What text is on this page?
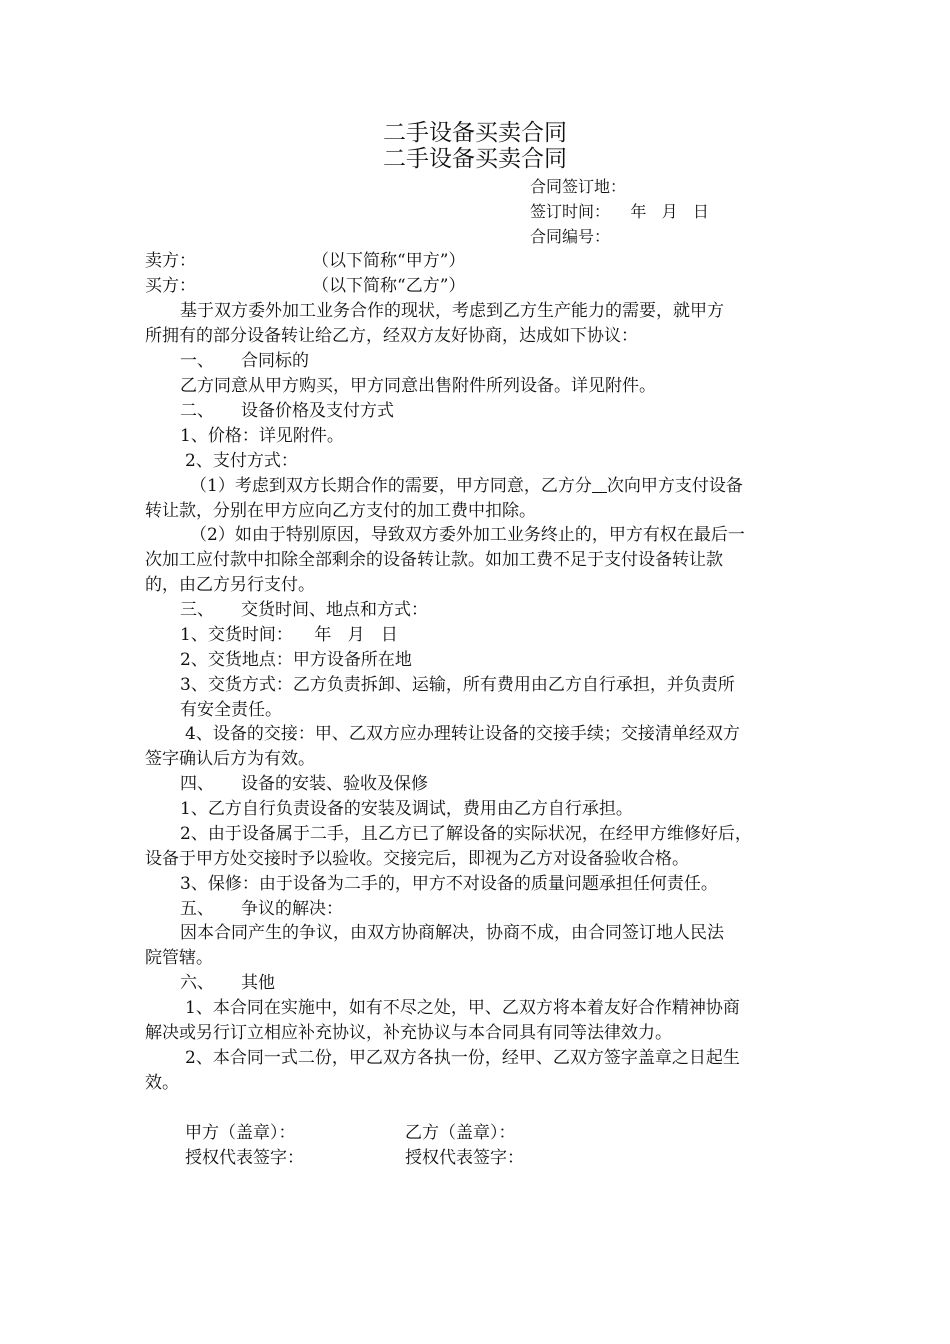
二手设备买卖合同
二手设备买卖合同
合同签订地：
签订时间：    年   月   日
合同编号：
卖方：	（以下简称“甲方”）
买方：	（以下简称“乙方”）
基于双方委外加工业务合作的现状，考虑到乙方生产能力的需要，就甲方
所拥有的部分设备转让给乙方，经双方友好协商，达成如下协议：
一、     合同标的
乙方同意从甲方购买，甲方同意出售附件所列设备。详见附件。
二、     设备价格及支付方式
1、价格：详见附件。
2、支付方式：
（1）考虑到双方长期合作的需要，甲方同意，乙方分 次向甲方支付设备
转让款，分别在甲方应向乙方支付的加工费中扣除。
（2）如由于特别原因，导致双方委外加工业务终止的，甲方有权在最后一
次加工应付款中扣除全部剩余的设备转让款。如加工费不足于支付设备转让款
的，由乙方另行支付。
三、     交货时间、地点和方式：
1、交货时间：    年   月   日
2、交货地点：甲方设备所在地
3、交货方式：乙方负责拆卸、运输，所有费用由乙方自行承担，并负责所
有安全责任。
4、设备的交接：甲、乙双方应办理转让设备的交接手续；交接清单经双方
签字确认后方为有效。
四、     设备的安装、验收及保修
1、乙方自行负责设备的安装及调试，费用由乙方自行承担。
2、由于设备属于二手，且乙方已了解设备的实际状况，在经甲方维修好后，
设备于甲方处交接时予以验收。交接完后，即视为乙方对设备验收合格。
3、保修：由于设备为二手的，甲方不对设备的质量问题承担任何责任。
五、     争议的解决：
因本合同产生的争议，由双方协商解决，协商不成，由合同签订地人民法
院管辖。
六、     其他
1、本合同在实施中，如有不尽之处，甲、乙双方将本着友好合作精神协商
解决或另行订立相应补充协议，补充协议与本合同具有同等法律效力。
2、本合同一式二份，甲乙双方各执一份，经甲、乙双方签字盖章之日起生
效。
甲方（盖章）：	乙方（盖章）：
授权代表签字：	授权代表签字：
